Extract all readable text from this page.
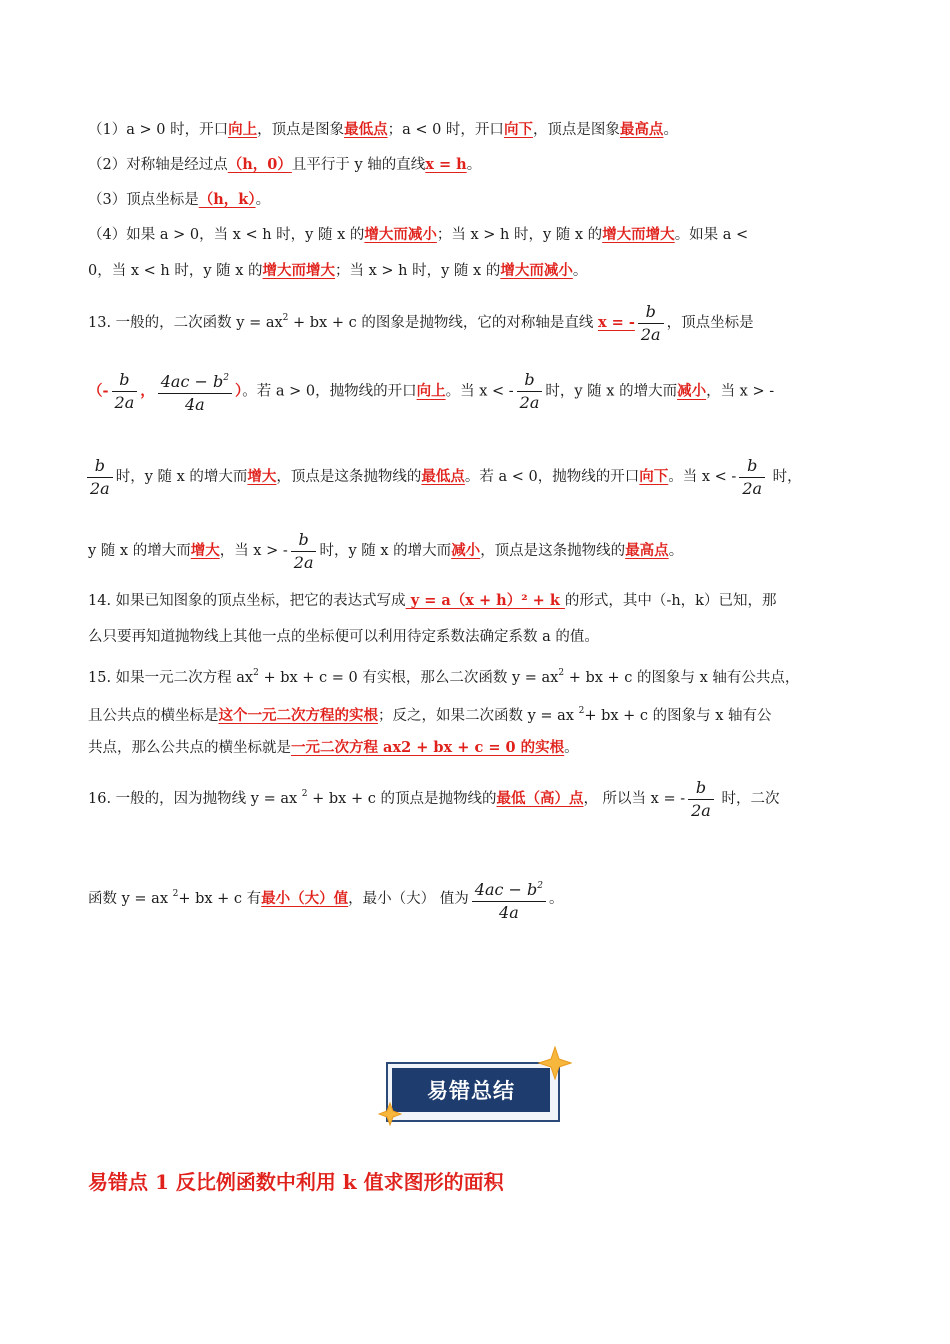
（1）a > 0 时，开口向上，顶点是图象最低点；a < 0 时，开口向下，顶点是图象最高点。
（2）对称轴是经过点（h，0）且平行于 y 轴的直线x = h。
（3）顶点坐标是（h，k）。
（4）如果 a > 0，当 x < h 时，y 随 x 的增大而减小；当 x > h 时，y 随 x 的增大而增大。如果 a <
0，当 x < h 时，y 随 x 的增大而增大；当 x > h 时，y 随 x 的增大而减小。
13. 一般的，二次函数 $y = ax^2$ + bx + c 的图象是抛物线，它的对称轴是直线 x = - $\frac{b}{2a}$ ，顶点坐标是
（- $\frac{b}{2a}$ ， $\frac{4ac - b^2}{4a}$ ）。若 a > 0，抛物线的开口向上。当 x < - $\frac{b}{2a}$ 时，y 随 x 的增大而减小，当 x > -
$\frac{b}{2a}$ 时，y 随 x 的增大而增大，顶点是这条抛物线的最低点。若 a < 0，抛物线的开口向下。当 x < - $\frac{b}{2a}$ 时，
y 随 x 的增大而增大，当 x > - $\frac{b}{2a}$ 时，y 随 x 的增大而减小，顶点是这条抛物线的最高点。
14. 如果已知图象的顶点坐标，把它的表达式写成 y = a（x + h）² + k 的形式，其中（-h，k）已知，那
么只要再知道抛物线上其他一点的坐标便可以利用待定系数法确定系数 a 的值。
15. 如果一元二次方程 $ax^2$ + bx + c = 0 有实根，那么二次函数 $y = ax^2$ + bx + c 的图象与 x 轴有公共点，
且公共点的横坐标是这个一元二次方程的实根；反之，如果二次函数 y = ax $^2$+ bx + c 的图象与 x 轴有公
共点，那么公共点的横坐标就是一元二次方程 ax2 + bx + c = 0 的实根。
16. 一般的，因为抛物线 y = ax $^2$ + bx + c 的顶点是抛物线的最低（高）点， 所以当 x = - $\frac{b}{2a}$ 时，二次
函数 y = ax $^2$+ bx + c 有最小（大）值，最小（大） 值为 $\frac{4ac - b^2}{4a}$ 。
易错总结
易错点 1 反比例函数中利用 k 值求图形的面积
